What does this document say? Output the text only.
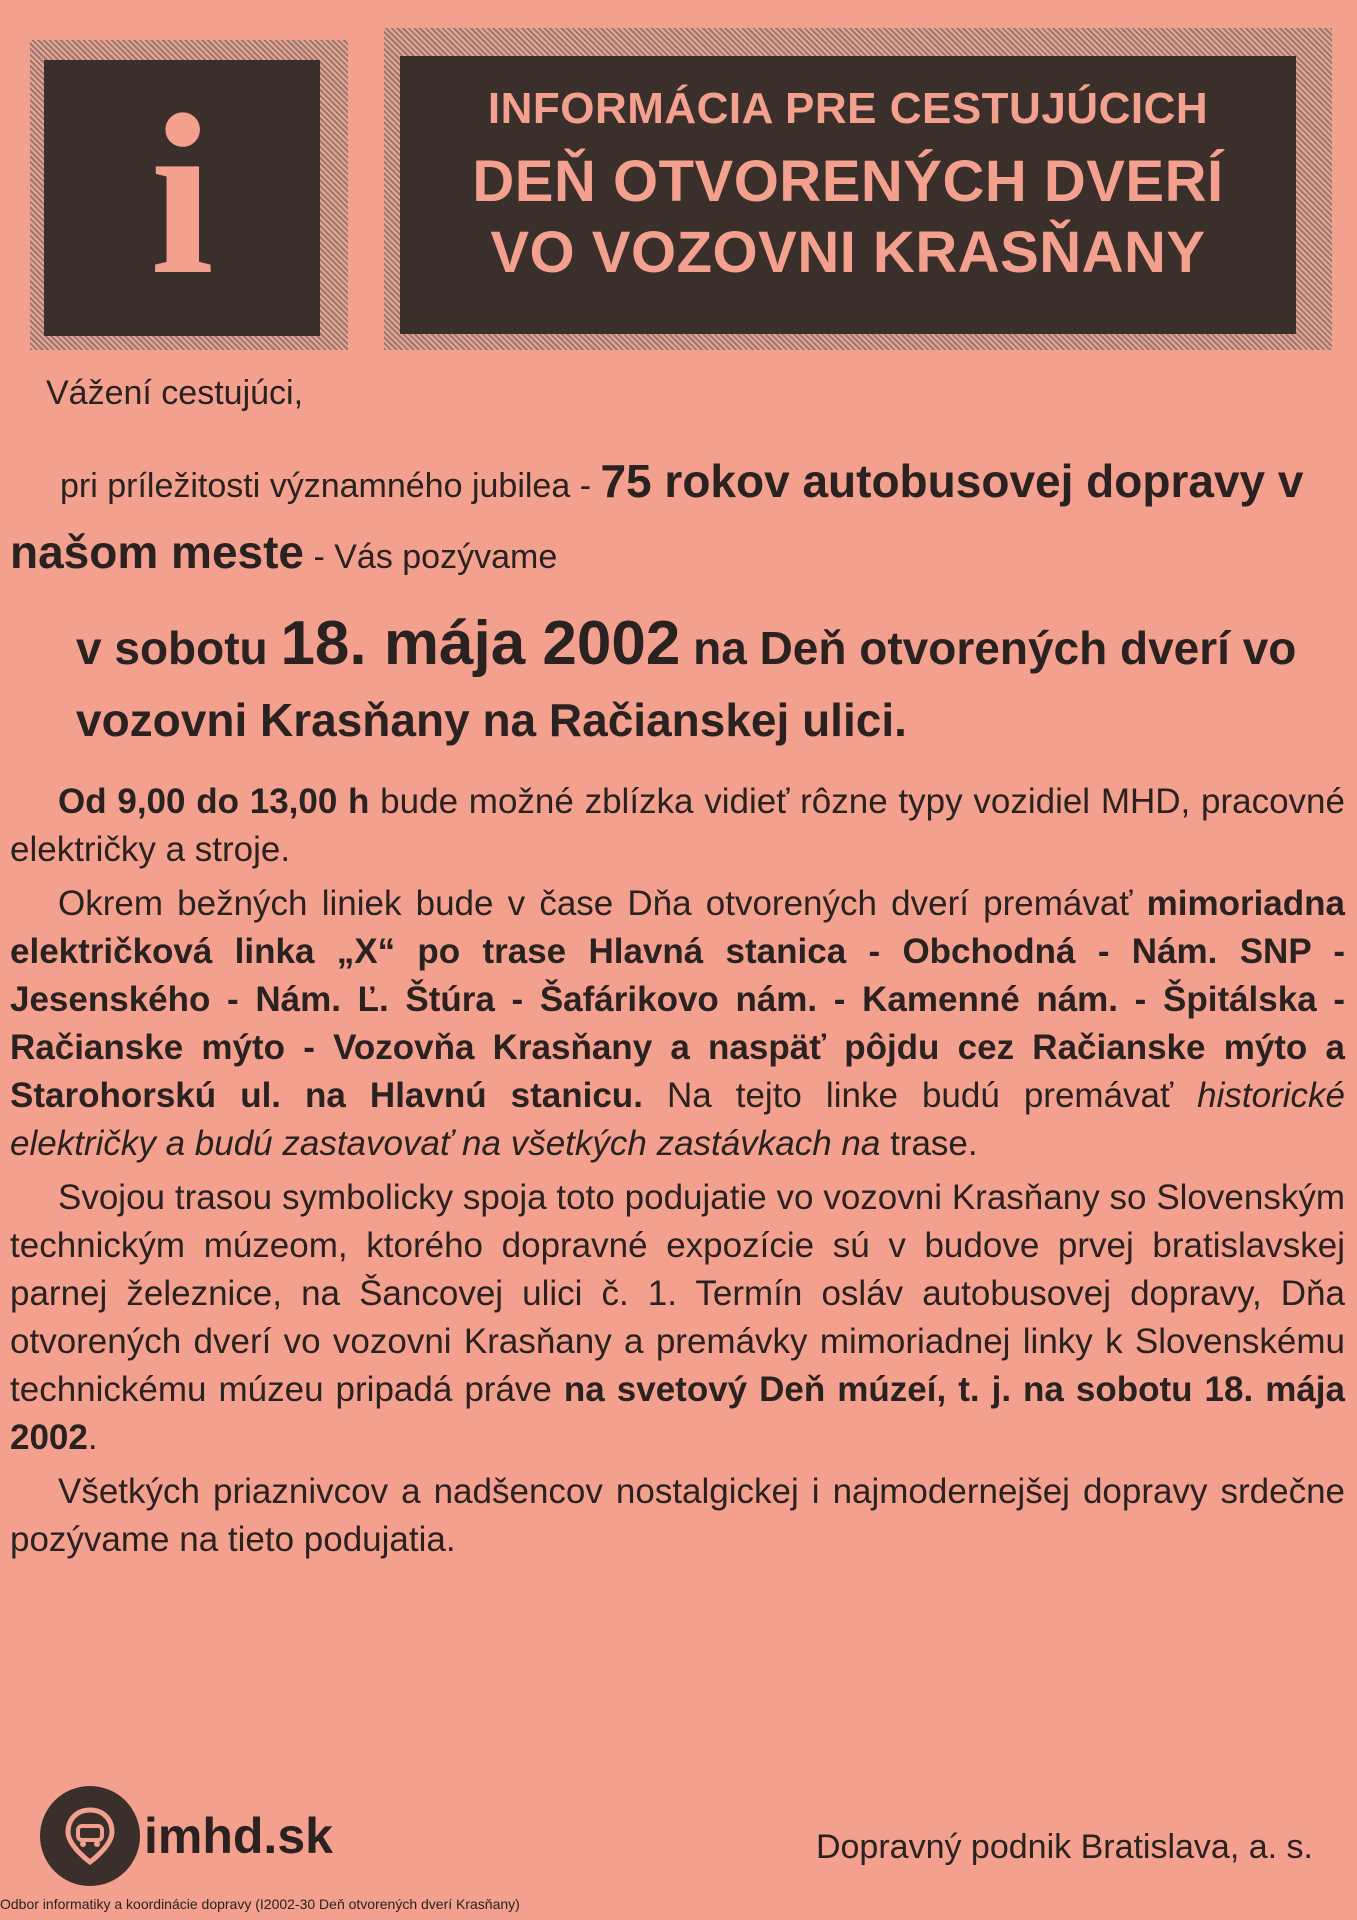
i	INFORMÁCIA PRE CESTUJÚCICH
DEŇ OTVORENÝCH DVERÍ
VO VOZOVNI KRASŇANY
Vážení cestujúci,
pri príležitosti významného jubilea - 75 rokov autobusovej dopravy v našom meste - Vás pozývame
v sobotu 18. mája 2002 na Deň otvorených dverí vo vozovni Krasňany na Račianskej ulici.

Od 9,00 do 13,00 h bude možné zblízka vidieť rôzne typy vozidiel MHD, pracovné električky a stroje.

Okrem bežných liniek bude v čase Dňa otvorených dverí premávať mimoriadna električková linka „X“ po trase Hlavná stanica - Obchodná - Nám. SNP - Jesenského - Nám. Ľ. Štúra - Šafárikovo nám. - Kamenné nám. - Špitálska - Račianske mýto - Vozovňa Krasňany a naspäť pôjdu cez Račianske mýto a Starohorskú ul. na Hlavnú stanicu. Na tejto linke budú premávať historické električky a budú zastavovať na všetkých zastávkach na trase.

Svojou trasou symbolicky spoja toto podujatie vo vozovni Krasňany so Slovenským technickým múzeom, ktorého dopravné expozície sú v budove prvej bratislavskej parnej železnice, na Šancovej ulici č. 1. Termín osláv autobusovej dopravy, Dňa otvorených dverí vo vozovni Krasňany a premávky mimoriadnej linky k Slovenskému technickému múzeu pripadá práve na svetový Deň múzeí, t. j. na sobotu 18. mája 2002.

Všetkých priaznivcov a nadšencov nostalgickej i najmodernejšej dopravy srdečne pozývame na tieto podujatia.

imhd.sk	Dopravný podnik Bratislava, a. s.
Odbor informatiky a koordinácie dopravy (I2002-30 Deň otvorených dverí Krasňany)
